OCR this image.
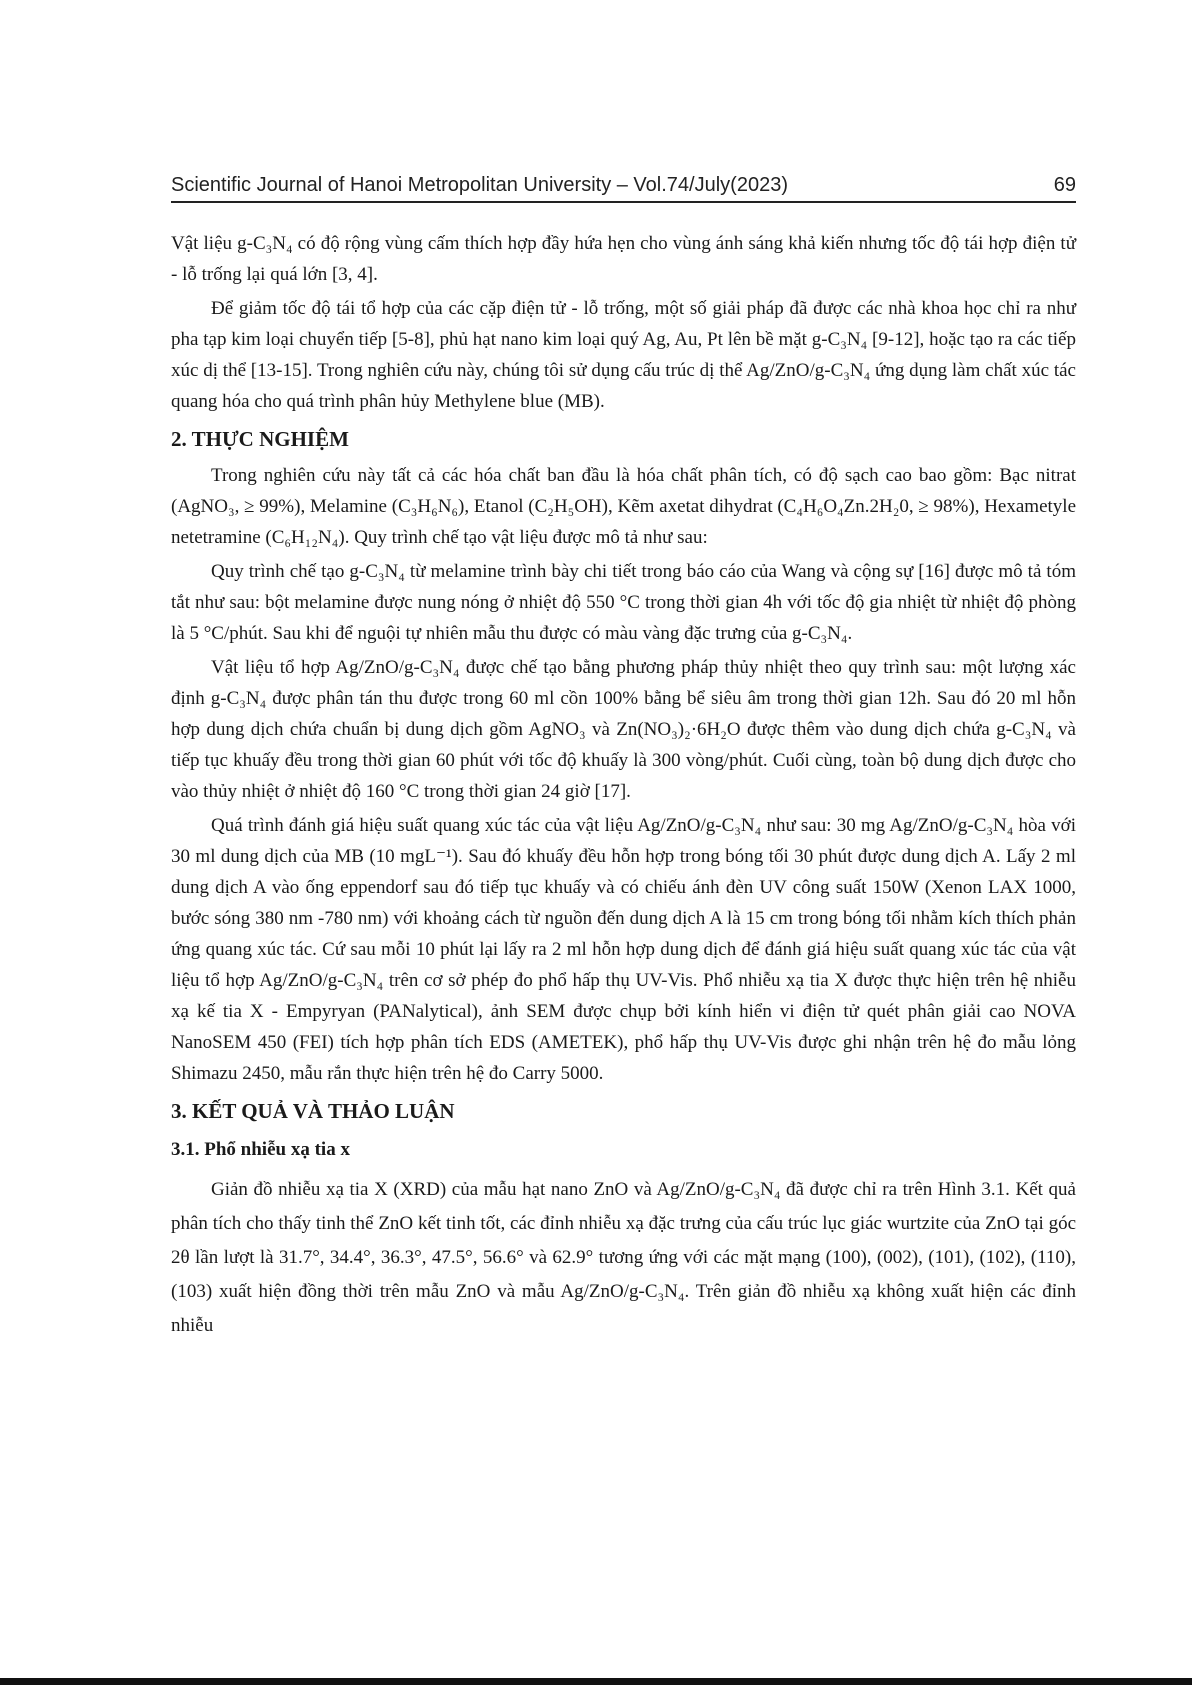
Scientific Journal of Hanoi Metropolitan University – Vol.74/July(2023)	69

Vật liệu g-C₃N₄ có độ rộng vùng cấm thích hợp đầy hứa hẹn cho vùng ánh sáng khả kiến nhưng tốc độ tái hợp điện tử - lỗ trống lại quá lớn [3, 4].

Để giảm tốc độ tái tổ hợp của các cặp điện tử - lỗ trống, một số giải pháp đã được các nhà khoa học chỉ ra như pha tạp kim loại chuyển tiếp [5-8], phủ hạt nano kim loại quý Ag, Au, Pt lên bề mặt g-C₃N₄ [9-12], hoặc tạo ra các tiếp xúc dị thể [13-15]. Trong nghiên cứu này, chúng tôi sử dụng cấu trúc dị thể Ag/ZnO/g-C₃N₄ ứng dụng làm chất xúc tác quang hóa cho quá trình phân hủy Methylene blue (MB).

2. THỰC NGHIỆM

Trong nghiên cứu này tất cả các hóa chất ban đầu là hóa chất phân tích, có độ sạch cao bao gồm: Bạc nitrat (AgNO₃, ≥ 99%), Melamine (C₃H₆N₆), Etanol (C₂H₅OH), Kẽm axetat dihydrat (C₄H₆O₄Zn.2H₂0, ≥ 98%), Hexametyle netetramine (C₆H₁₂N₄). Quy trình chế tạo vật liệu được mô tả như sau:

Quy trình chế tạo g-C₃N₄ từ melamine trình bày chi tiết trong báo cáo của Wang và cộng sự [16] được mô tả tóm tắt như sau: bột melamine được nung nóng ở nhiệt độ 550 °C trong thời gian 4h với tốc độ gia nhiệt từ nhiệt độ phòng là 5 °C/phút. Sau khi để nguội tự nhiên mẫu thu được có màu vàng đặc trưng của g-C₃N₄.

Vật liệu tổ hợp Ag/ZnO/g-C₃N₄ được chế tạo bằng phương pháp thủy nhiệt theo quy trình sau: một lượng xác định g-C₃N₄ được phân tán thu được trong 60 ml cồn 100% bằng bể siêu âm trong thời gian 12h. Sau đó 20 ml hỗn hợp dung dịch chứa chuẩn bị dung dịch gồm AgNO₃ và Zn(NO₃)₂·6H₂O được thêm vào dung dịch chứa g-C₃N₄ và tiếp tục khuấy đều trong thời gian 60 phút với tốc độ khuấy là 300 vòng/phút. Cuối cùng, toàn bộ dung dịch được cho vào thủy nhiệt ở nhiệt độ 160 °C trong thời gian 24 giờ [17].

Quá trình đánh giá hiệu suất quang xúc tác của vật liệu Ag/ZnO/g-C₃N₄ như sau: 30 mg Ag/ZnO/g-C₃N₄ hòa với 30 ml dung dịch của MB (10 mgL⁻¹). Sau đó khuấy đều hỗn hợp trong bóng tối 30 phút được dung dịch A. Lấy 2 ml dung dịch A vào ống eppendorf sau đó tiếp tục khuấy và có chiếu ánh đèn UV công suất 150W (Xenon LAX 1000, bước sóng 380 nm -780 nm) với khoảng cách từ nguồn đến dung dịch A là 15 cm trong bóng tối nhằm kích thích phản ứng quang xúc tác. Cứ sau mỗi 10 phút lại lấy ra 2 ml hỗn hợp dung dịch để đánh giá hiệu suất quang xúc tác của vật liệu tổ hợp Ag/ZnO/g-C₃N₄ trên cơ sở phép đo phổ hấp thụ UV-Vis. Phổ nhiễu xạ tia X được thực hiện trên hệ nhiễu xạ kế tia X - Empyryan (PANalytical), ảnh SEM được chụp bởi kính hiển vi điện tử quét phân giải cao NOVA NanoSEM 450 (FEI) tích hợp phân tích EDS (AMETEK), phổ hấp thụ UV-Vis được ghi nhận trên hệ đo mẫu lỏng Shimazu 2450, mẫu rắn thực hiện trên hệ đo Carry 5000.

3. KẾT QUẢ VÀ THẢO LUẬN
3.1. Phổ nhiễu xạ tia x

Giản đồ nhiễu xạ tia X (XRD) của mẫu hạt nano ZnO và Ag/ZnO/g-C₃N₄ đã được chỉ ra trên Hình 3.1. Kết quả phân tích cho thấy tinh thể ZnO kết tinh tốt, các đỉnh nhiễu xạ đặc trưng của cấu trúc lục giác wurtzite của ZnO tại góc 2θ lần lượt là 31.7°, 34.4°, 36.3°, 47.5°, 56.6° và 62.9° tương ứng với các mặt mạng (100), (002), (101), (102), (110), (103) xuất hiện đồng thời trên mẫu ZnO và mẫu Ag/ZnO/g-C₃N₄. Trên giản đồ nhiễu xạ không xuất hiện các đỉnh nhiễu
